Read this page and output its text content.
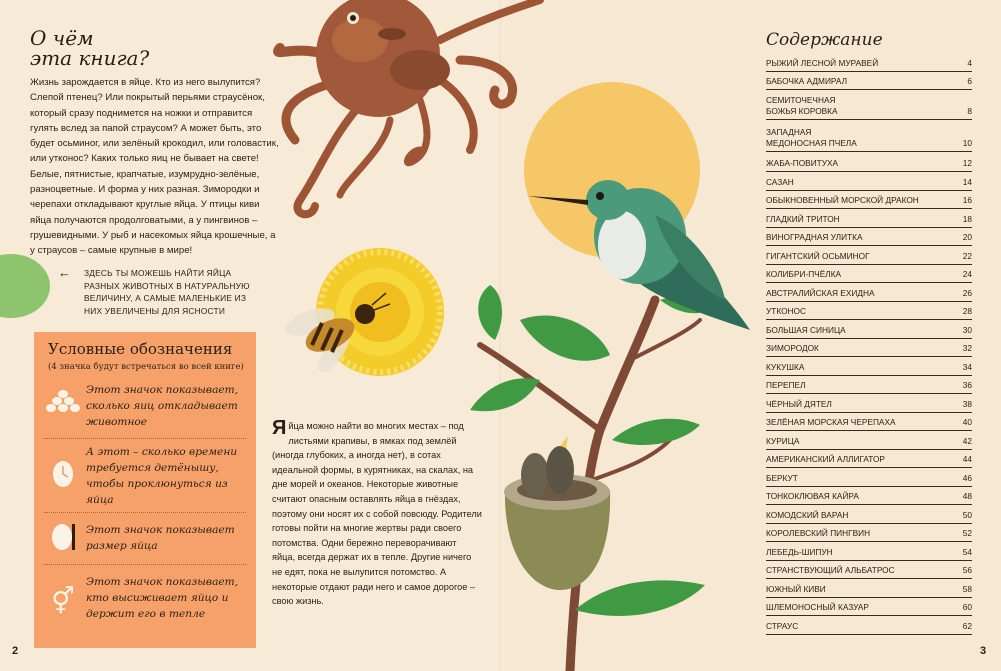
О чём
эта книга?
Жизнь зарождается в яйце. Кто из него вылупится? Слепой птенец? Или покрытый перьями страусёнок, который сразу поднимется на ножки и отправится гулять вслед за папой страусом? А может быть, это будет осьминог, или зелёный крокодил, или головастик, или утконос? Каких только яиц не бывает на свете! Белые, пятнистые, крапчатые, изумрудно-зелёные, разноцветные. И форма у них разная. Зимородки и черепахи откладывают круглые яйца. У птицы киви яйца получаются продолговатыми, а у пингвинов – грушевидными. У рыб и насекомых яйца крошечные, а у страусов – самые крупные в мире!
← ЗДЕСЬ ТЫ МОЖЕШЬ НАЙТИ ЯЙЦА РАЗНЫХ ЖИВОТНЫХ В НАТУРАЛЬНУЮ ВЕЛИЧИНУ, А САМЫЕ МАЛЕНЬКИЕ ИЗ НИХ УВЕЛИЧЕНЫ ДЛЯ ЯСНОСТИ
Условные обозначения
(4 значка будут встречаться во всей книге)
Этот значок показывает, сколько яиц откладывает животное
А этот – сколько времени требуется детёнышу, чтобы проклюнуться из яйца
Этот значок показывает размер яйца
⚥
Этот значок показывает, кто высиживает яйцо и держит его в тепле
Яйца можно найти во многих местах – под листьями крапивы, в ямках под землёй (иногда глубоких, а иногда нет), в сотах идеальной формы, в курятниках, на скалах, на дне морей и океанов. Некоторые животные считают опасным оставлять яйца в гнёздах, поэтому они носят их с собой повсюду. Родители готовы пойти на многие жертвы ради своего потомства. Одни бережно переворачивают яйца, всегда держат их в тепле. Другие ничего не едят, пока не вылупится потомство. А некоторые отдают ради него и самое дорогое – свою жизнь.
2
Содержание
РЫЖИЙ ЛЕСНОЙ МУРАВЕЙ	4
БАБОЧКА АДМИРАЛ	6
СЕМИТОЧЕЧНАЯ
БОЖЬЯ КОРОВКА	8
ЗАПАДНАЯ
МЕДОНОСНАЯ ПЧЕЛА	10
ЖАБА-ПОВИТУХА	12
САЗАН	14
ОБЫКНОВЕННЫЙ МОРСКОЙ ДРАКОН	16
ГЛАДКИЙ ТРИТОН	18
ВИНОГРАДНАЯ УЛИТКА	20
ГИГАНТСКИЙ ОСЬМИНОГ	22
КОЛИБРИ-ПЧЁЛКА	24
АВСТРАЛИЙСКАЯ ЕХИДНА	26
УТКОНОС	28
БОЛЬШАЯ СИНИЦА	30
ЗИМОРОДОК	32
КУКУШКА	34
ПЕРЕПЕЛ	36
ЧЁРНЫЙ ДЯТЕЛ	38
ЗЕЛЁНАЯ МОРСКАЯ ЧЕРЕПАХА	40
КУРИЦА	42
АМЕРИКАНСКИЙ АЛЛИГАТОР	44
БЕРКУТ	46
ТОНКОКЛЮВАЯ КАЙРА	48
КОМОДСКИЙ ВАРАН	50
КОРОЛЕВСКИЙ ПИНГВИН	52
ЛЕБЕДЬ-ШИПУН	54
СТРАНСТВУЮЩИЙ АЛЬБАТРОС	56
ЮЖНЫЙ КИВИ	58
ШЛЕМОНОСНЫЙ КАЗУАР	60
СТРАУС	62
3
